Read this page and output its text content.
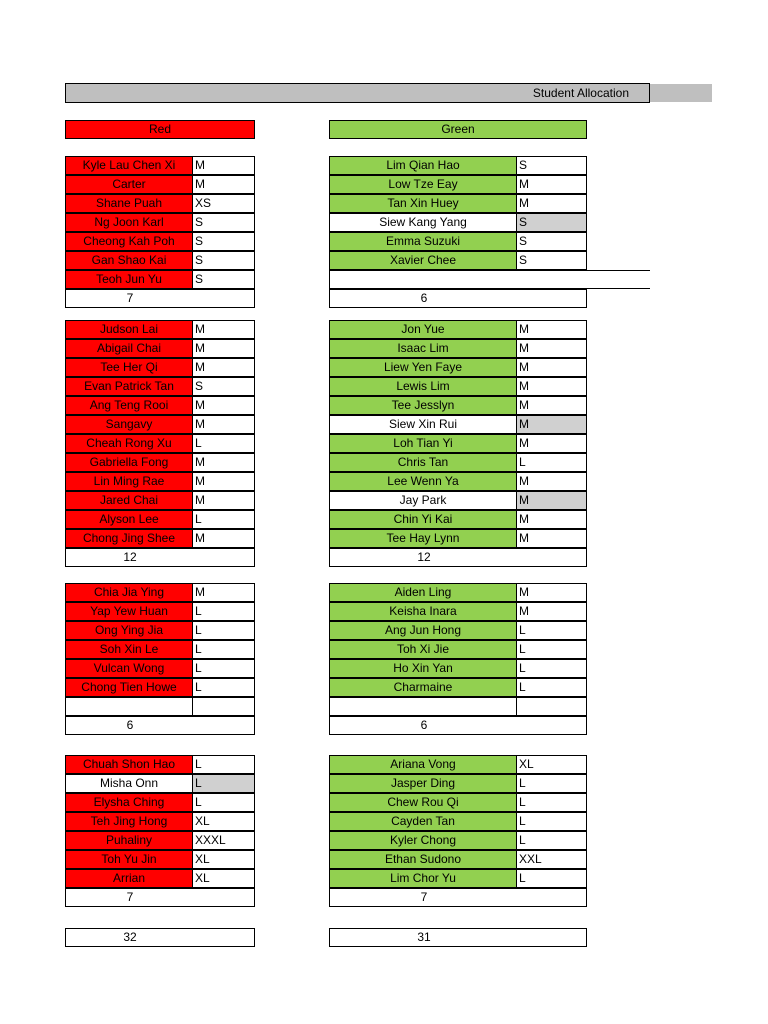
Student Allocation
Red	Green
Kyle Lau Chen Xi	M
Carter	M
Shane Puah	XS
Ng Joon Karl	S
Cheong Kah Poh	S
Gan Shao Kai	S
Teoh Jun Yu	S
7
Lim Qian Hao	S
Low Tze Eay	M
Tan Xin Huey	M
Siew Kang Yang	S
Emma Suzuki	S
Xavier Chee	S
6
Judson Lai	M
Abigail Chai	M
Tee Her Qi	M
Evan Patrick Tan	S
Ang Teng Rooi	M
Sangavy	M
Cheah Rong Xu	L
Gabriella Fong	M
Lin Ming Rae	M
Jared Chai	M
Alyson Lee	L
Chong Jing Shee	M
12
Jon Yue	M
Isaac Lim	M
Liew Yen Faye	M
Lewis Lim	M
Tee Jesslyn	M
Siew Xin Rui	M
Loh Tian Yi	M
Chris Tan	L
Lee Wenn Ya	M
Jay Park	M
Chin Yi Kai	M
Tee Hay Lynn	M
12
Chia Jia Ying	M
Yap Yew Huan	L
Ong Ying Jia	L
Soh Xin Le	L
Vulcan Wong	L
Chong Tien Howe	L
6
Aiden Ling	M
Keisha Inara	M
Ang Jun Hong	L
Toh Xi Jie	L
Ho Xin Yan	L
Charmaine	L
6
Chuah Shon Hao	L
Misha Onn	L
Elysha Ching	L
Teh Jing Hong	XL
Puhaliny	XXXL
Toh Yu Jin	XL
Arrian	XL
7
Ariana Vong	XL
Jasper Ding	L
Chew Rou Qi	L
Cayden Tan	L
Kyler Chong	L
Ethan Sudono	XXL
Lim Chor Yu	L
7
32	31
